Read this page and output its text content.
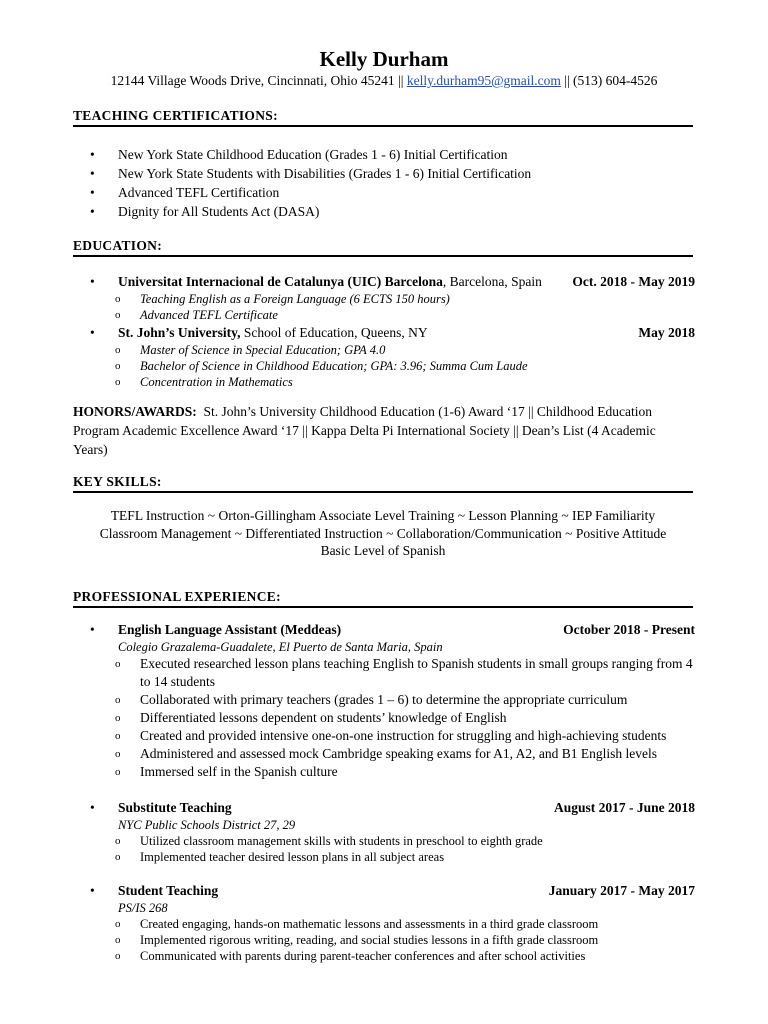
Kelly Durham
12144 Village Woods Drive, Cincinnati, Ohio 45241 || kelly.durham95@gmail.com || (513) 604-4526
TEACHING CERTIFICATIONS:
• New York State Childhood Education (Grades 1 - 6) Initial Certification
• New York State Students with Disabilities (Grades 1 - 6) Initial Certification
• Advanced TEFL Certification
• Dignity for All Students Act (DASA)
EDUCATION:
• Universitat Internacional de Catalunya (UIC) Barcelona, Barcelona, Spain Oct. 2018 - May 2019
o Teaching English as a Foreign Language (6 ECTS 150 hours)
o Advanced TEFL Certificate
• St. John’s University, School of Education, Queens, NY	May 2018
o Master of Science in Special Education; GPA 4.0
o Bachelor of Science in Childhood Education; GPA: 3.96; Summa Cum Laude
o Concentration in Mathematics
HONORS/AWARDS: St. John’s University Childhood Education (1-6) Award ‘17 || Childhood Education Program Academic Excellence Award ‘17 || Kappa Delta Pi International Society || Dean’s List (4 Academic Years)
KEY SKILLS:
TEFL Instruction ~ Orton-Gillingham Associate Level Training ~ Lesson Planning ~ IEP Familiarity
Classroom Management ~ Differentiated Instruction ~ Collaboration/Communication ~ Positive Attitude
Basic Level of Spanish
PROFESSIONAL EXPERIENCE:
• English Language Assistant (Meddeas)	October 2018 - Present
Colegio Grazalema-Guadalete, El Puerto de Santa Maria, Spain
o	Executed researched lesson plans teaching English to Spanish students in small groups ranging from 4 to 14 students
o	Collaborated with primary teachers (grades 1 – 6) to determine the appropriate curriculum
o	Differentiated lessons dependent on students’ knowledge of English
o	Created and provided intensive one-on-one instruction for struggling and high-achieving students
o	Administered and assessed mock Cambridge speaking exams for A1, A2, and B1 English levels
o	Immersed self in the Spanish culture
• Substitute Teaching	August 2017 - June 2018
NYC Public Schools District 27, 29
o Utilized classroom management skills with students in preschool to eighth grade
o Implemented teacher desired lesson plans in all subject areas
• Student Teaching	January 2017 - May 2017
PS/IS 268
o Created engaging, hands-on mathematic lessons and assessments in a third grade classroom
o Implemented rigorous writing, reading, and social studies lessons in a fifth grade classroom
o Communicated with parents during parent-teacher conferences and after school activities
